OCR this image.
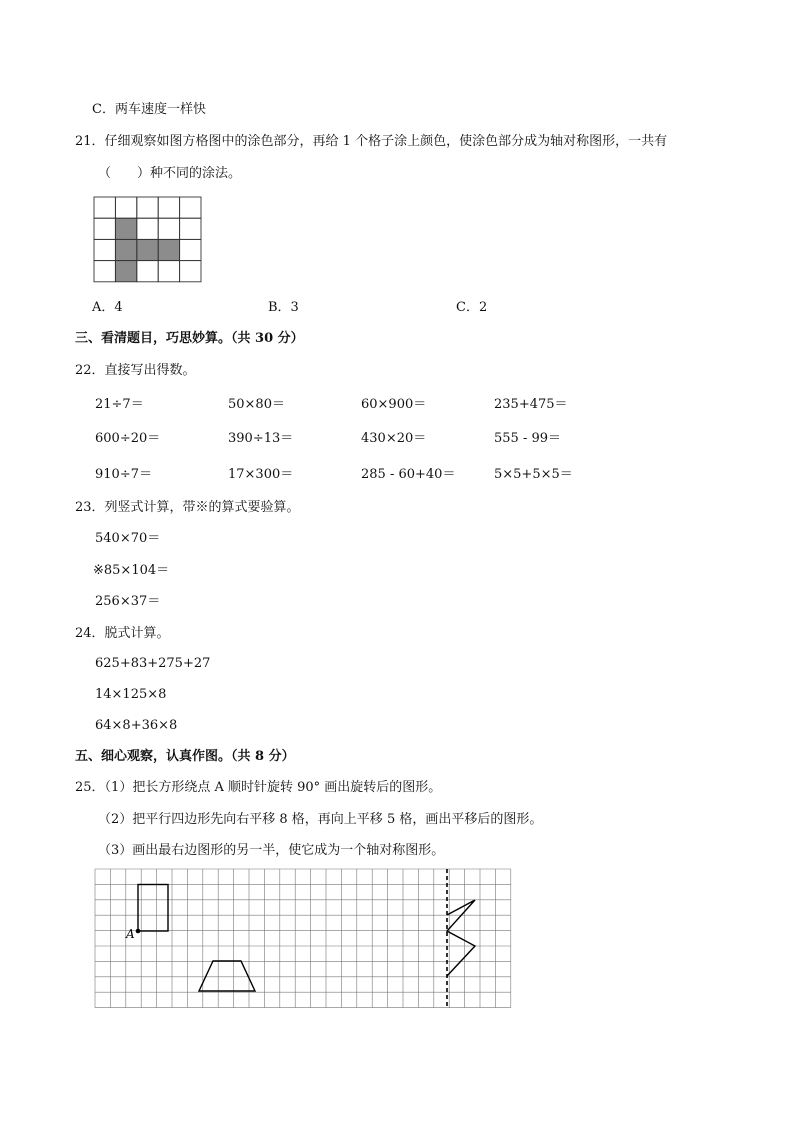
C．两车速度一样快
21．仔细观察如图方格图中的涂色部分，再给 1 个格子涂上颜色，使涂色部分成为轴对称图形，一共有
（　　）种不同的涂法。
A．4	B．3	C．2
三、看清题目，巧思妙算。（共 30 分）
22．直接写出得数。
21÷7＝	50×80＝	60×900＝	235+475＝
600÷20＝	390÷13＝	430×20＝	555 - 99＝
910÷7＝	17×300＝	285 - 60+40＝	5×5+5×5＝
23．列竖式计算，带※的算式要验算。
540×70＝
※85×104＝
256×37＝
24．脱式计算。
625+83+275+27
14×125×8
64×8+36×8
五、细心观察，认真作图。（共 8 分）
25．（1）把长方形绕点 A 顺时针旋转 90° 画出旋转后的图形。
（2）把平行四边形先向右平移 8 格，再向上平移 5 格，画出平移后的图形。
（3）画出最右边图形的另一半，使它成为一个轴对称图形。
A
